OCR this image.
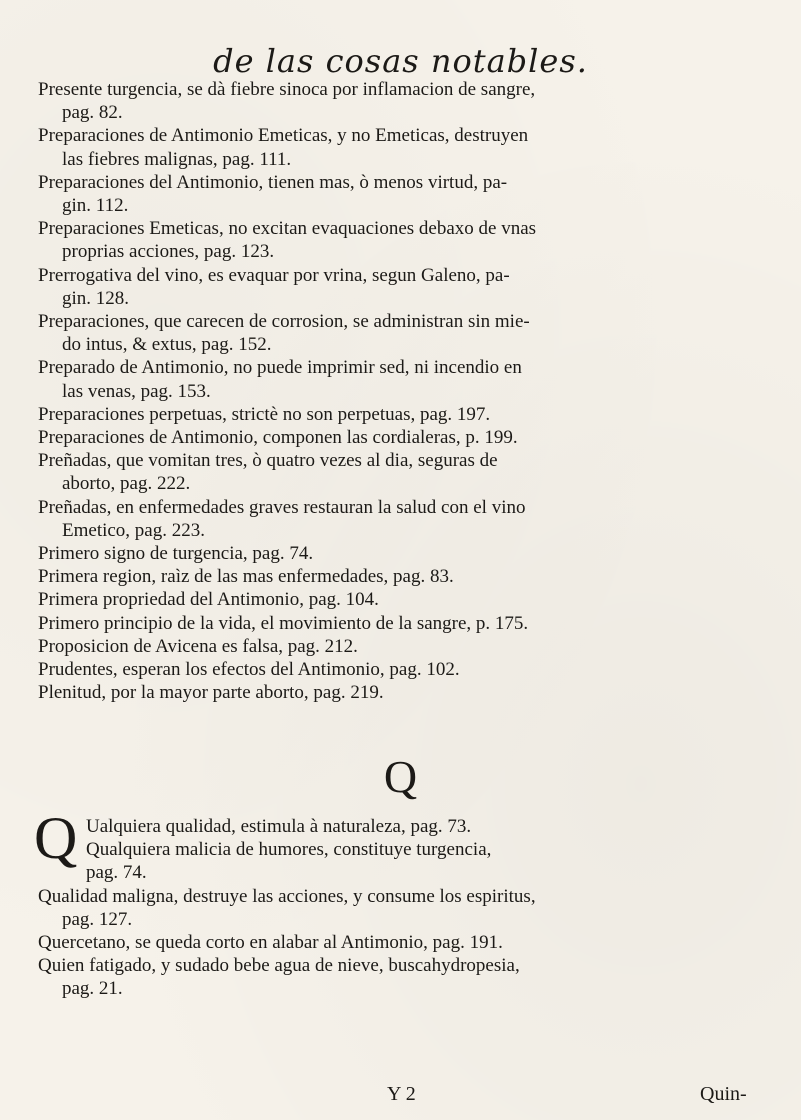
de las cosas notables.
Presente turgencia, se dà fiebre sinoca por inflamacion de sangre,
pag. 82.
Preparaciones de Antimonio Emeticas, y no Emeticas, destruyen
las fiebres malignas, pag. 111.
Preparaciones del Antimonio, tienen mas, ò menos virtud, pa-
gin. 112.
Preparaciones Emeticas, no excitan evaquaciones debaxo de vnas
proprias acciones, pag. 123.
Prerrogativa del vino, es evaquar por vrina, segun Galeno, pa-
gin. 128.
Preparaciones, que carecen de corrosion, se administran sin mie-
do intus, & extus, pag. 152.
Preparado de Antimonio, no puede imprimir sed, ni incendio en
las venas, pag. 153.
Preparaciones perpetuas, strictè no son perpetuas, pag. 197.
Preparaciones de Antimonio, componen las cordialeras, p. 199.
Preñadas, que vomitan tres, ò quatro vezes al dia, seguras de
aborto, pag. 222.
Preñadas, en enfermedades graves restauran la salud con el vino
Emetico, pag. 223.
Primero signo de turgencia, pag. 74.
Primera region, raìz de las mas enfermedades, pag. 83.
Primera propriedad del Antimonio, pag. 104.
Primero principio de la vida, el movimiento de la sangre, p. 175.
Proposicion de Avicena es falsa, pag. 212.
Prudentes, esperan los efectos del Antimonio, pag. 102.
Plenitud, por la mayor parte aborto, pag. 219.
Q
Q Ualquiera qualidad, estimula à naturaleza, pag. 73.
Qualquiera malicia de humores, constituye turgencia,
pag. 74.
Qualidad maligna, destruye las acciones, y consume los espiritus,
pag. 127.
Quercetano, se queda corto en alabar al Antimonio, pag. 191.
Quien fatigado, y sudado bebe agua de nieve, buscahydropesia,
pag. 21.
Y 2	Quin-
